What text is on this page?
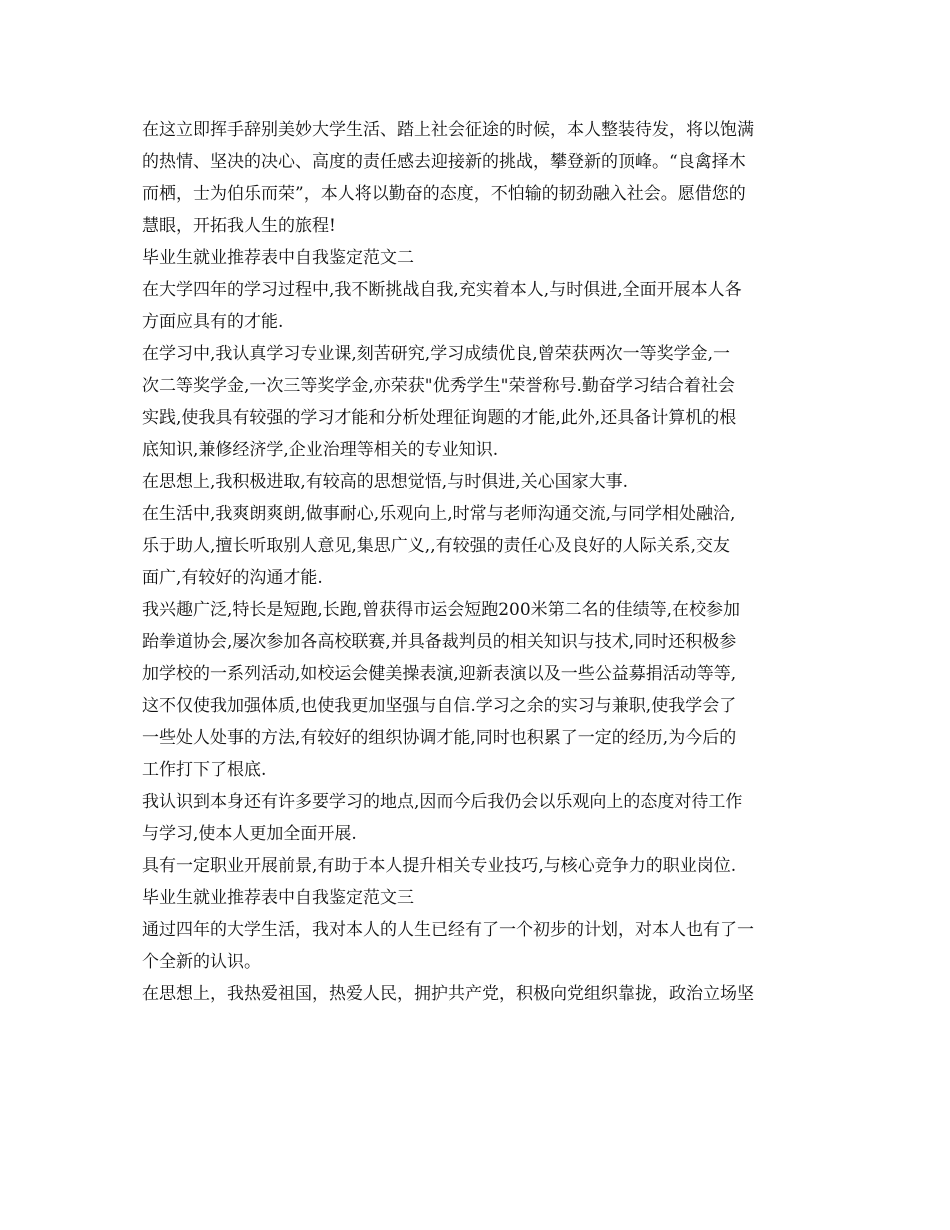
在这立即挥手辞别美妙大学生活、踏上社会征途的时候，本人整装待发，将以饱满
的热情、坚决的决心、高度的责任感去迎接新的挑战，攀登新的顶峰。“良禽择木
而栖，士为伯乐而荣”，本人将以勤奋的态度，不怕输的韧劲融入社会。愿借您的
慧眼，开拓我人生的旅程!
毕业生就业推荐表中自我鉴定范文二
在大学四年的学习过程中,我不断挑战自我,充实着本人,与时俱进,全面开展本人各
方面应具有的才能.
在学习中,我认真学习专业课,刻苦研究,学习成绩优良,曾荣获两次一等奖学金,一
次二等奖学金,一次三等奖学金,亦荣获"优秀学生"荣誉称号.勤奋学习结合着社会
实践,使我具有较强的学习才能和分析处理征询题的才能,此外,还具备计算机的根
底知识,兼修经济学,企业治理等相关的专业知识.
在思想上,我积极进取,有较高的思想觉悟,与时俱进,关心国家大事.
在生活中,我爽朗爽朗,做事耐心,乐观向上,时常与老师沟通交流,与同学相处融洽,
乐于助人,擅长听取别人意见,集思广义,,有较强的责任心及良好的人际关系,交友
面广,有较好的沟通才能.
我兴趣广泛,特长是短跑,长跑,曾获得市运会短跑200米第二名的佳绩等,在校参加
跆拳道协会,屡次参加各高校联赛,并具备裁判员的相关知识与技术,同时还积极参
加学校的一系列活动,如校运会健美操表演,迎新表演以及一些公益募捐活动等等,
这不仅使我加强体质,也使我更加坚强与自信.学习之余的实习与兼职,使我学会了
一些处人处事的方法,有较好的组织协调才能,同时也积累了一定的经历,为今后的
工作打下了根底.
我认识到本身还有许多要学习的地点,因而今后我仍会以乐观向上的态度对待工作
与学习,使本人更加全面开展.
具有一定职业开展前景,有助于本人提升相关专业技巧,与核心竞争力的职业岗位.
毕业生就业推荐表中自我鉴定范文三
通过四年的大学生活，我对本人的人生已经有了一个初步的计划，对本人也有了一
个全新的认识。
在思想上，我热爱祖国，热爱人民，拥护共产党，积极向党组织靠拢，政治立场坚
